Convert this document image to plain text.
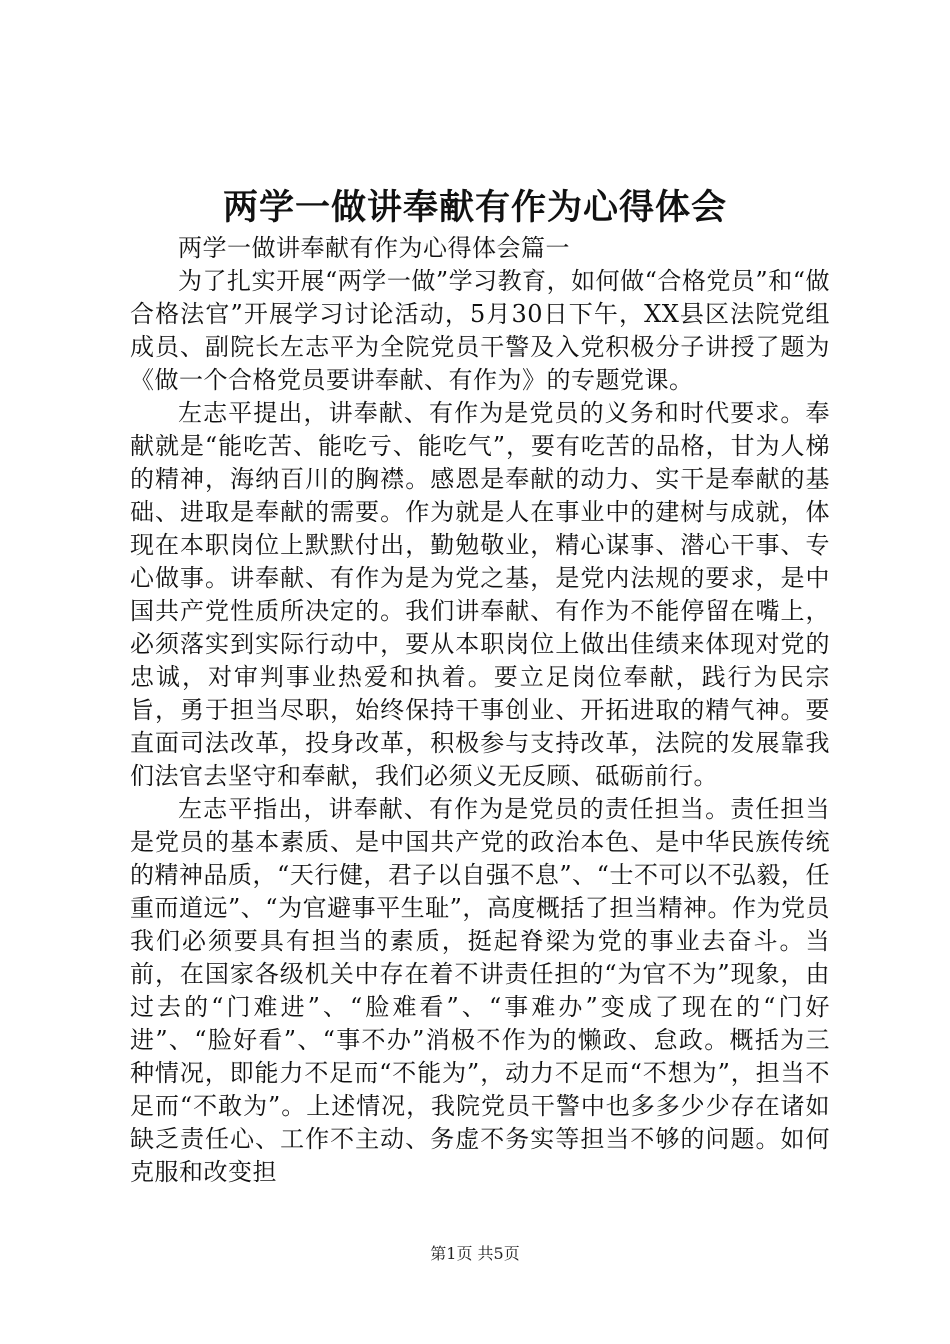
两学一做讲奉献有作为心得体会

两学一做讲奉献有作为心得体会篇一

为了扎实开展“两学一做”学习教育，如何做“合格党员”和“做合格法官”开展学习讨论活动，5月30日下午，XX县区法院党组成员、副院长左志平为全院党员干警及入党积极分子讲授了题为《做一个合格党员要讲奉献、有作为》的专题党课。

左志平提出，讲奉献、有作为是党员的义务和时代要求。奉献就是“能吃苦、能吃亏、能吃气”，要有吃苦的品格，甘为人梯的精神，海纳百川的胸襟。感恩是奉献的动力、实干是奉献的基础、进取是奉献的需要。作为就是人在事业中的建树与成就，体现在本职岗位上默默付出，勤勉敬业，精心谋事、潜心干事、专心做事。讲奉献、有作为是为党之基，是党内法规的要求，是中国共产党性质所决定的。我们讲奉献、有作为不能停留在嘴上，必须落实到实际行动中，要从本职岗位上做出佳绩来体现对党的忠诚，对审判事业热爱和执着。要立足岗位奉献，践行为民宗旨，勇于担当尽职，始终保持干事创业、开拓进取的精气神。要直面司法改革，投身改革，积极参与支持改革，法院的发展靠我们法官去坚守和奉献，我们必须义无反顾、砥砺前行。

左志平指出，讲奉献、有作为是党员的责任担当。责任担当是党员的基本素质、是中国共产党的政治本色、是中华民族传统的精神品质，“天行健，君子以自强不息”、“士不可以不弘毅，任重而道远”、“为官避事平生耻”，高度概括了担当精神。作为党员我们必须要具有担当的素质，挺起脊梁为党的事业去奋斗。当前，在国家各级机关中存在着不讲责任担的“为官不为”现象，由过去的“门难进”、“脸难看”、“事难办”变成了现在的“门好进”、“脸好看”、“事不办”消极不作为的懒政、怠政。概括为三种情况，即能力不足而“不能为”，动力不足而“不想为”，担当不足而“不敢为”。上述情况，我院党员干警中也多多少少存在诸如缺乏责任心、工作不主动、务虚不务实等担当不够的问题。如何克服和改变担

第1页 共5页
